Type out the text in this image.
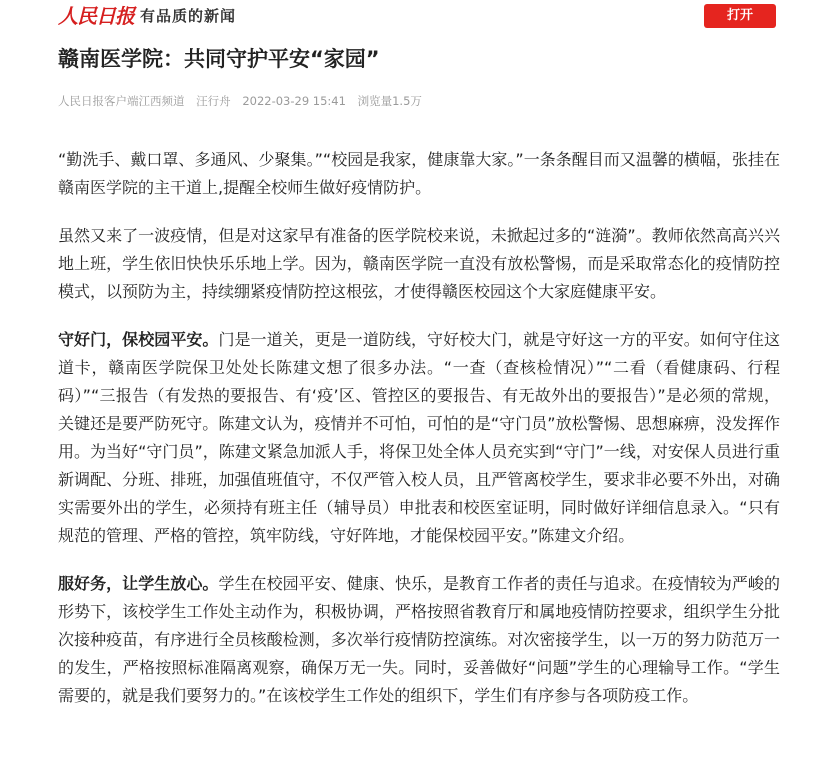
人民日报 有品质的新闻	打开
赣南医学院：共同守护平安“家园”
人民日报客户端江西频道 汪行舟 2022-03-29 15:41 浏览量1.5万

“勤洗手、戴口罩、多通风、少聚集。”“校园是我家，健康靠大家。”一条条醒目而又温馨的横幅，张挂在赣南医学院的主干道上,提醒全校师生做好疫情防护。

虽然又来了一波疫情，但是对这家早有准备的医学院校来说，未掀起过多的“涟漪”。教师依然高高兴兴地上班，学生依旧快快乐乐地上学。因为，赣南医学院一直没有放松警惕，而是采取常态化的疫情防控模式，以预防为主，持续绷紧疫情防控这根弦，才使得赣医校园这个大家庭健康平安。

守好门，保校园平安。门是一道关，更是一道防线，守好校大门，就是守好这一方的平安。如何守住这道卡，赣南医学院保卫处处长陈建文想了很多办法。“一查（查核检情况）”“二看（看健康码、行程码）”“三报告（有发热的要报告、有‘疫’区、管控区的要报告、有无故外出的要报告）”是必须的常规，关键还是要严防死守。陈建文认为，疫情并不可怕，可怕的是“守门员”放松警惕、思想麻痹，没发挥作用。为当好“守门员”，陈建文紧急加派人手，将保卫处全体人员充实到“守门”一线，对安保人员进行重新调配、分班、排班，加强值班值守，不仅严管入校人员，且严管离校学生，要求非必要不外出，对确实需要外出的学生，必须持有班主任（辅导员）申批表和校医室证明，同时做好详细信息录入。“只有规范的管理、严格的管控，筑牢防线，守好阵地，才能保校园平安。”陈建文介绍。

服好务，让学生放心。学生在校园平安、健康、快乐，是教育工作者的责任与追求。在疫情较为严峻的形势下，该校学生工作处主动作为，积极协调，严格按照省教育厅和属地疫情防控要求，组织学生分批次接种疫苗，有序进行全员核酸检测，多次举行疫情防控演练。对次密接学生，以一万的努力防范万一的发生，严格按照标准隔离观察，确保万无一失。同时，妥善做好“问题”学生的心理输导工作。“学生需要的，就是我们要努力的。”在该校学生工作处的组织下，学生们有序参与各项防疫工作。
